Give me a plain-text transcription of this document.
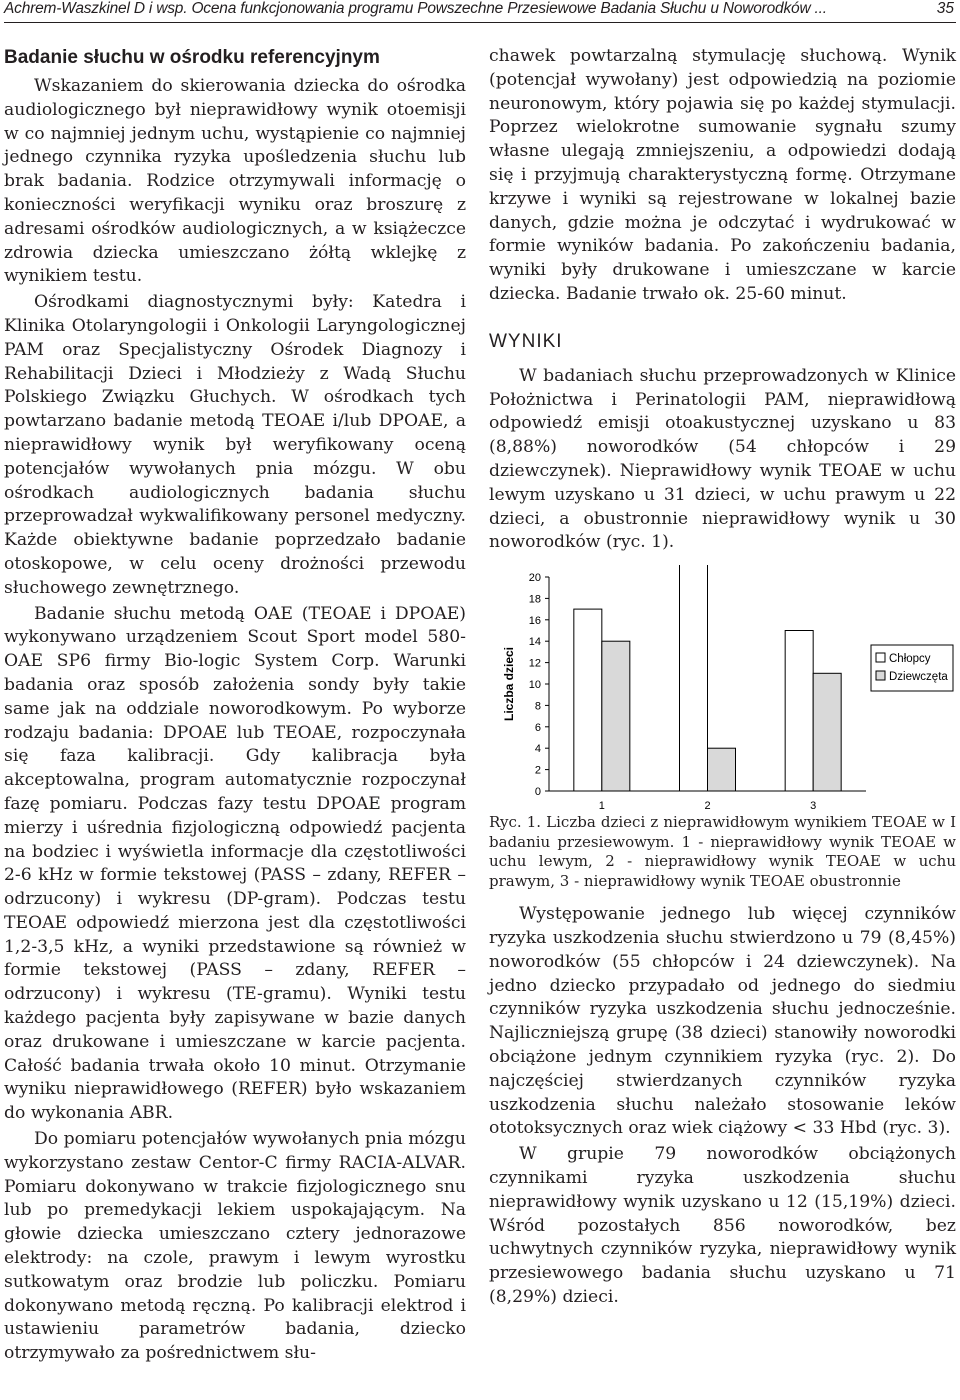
Achrem-Waszkinel D i wsp. Ocena funkcjonowania programu Powszechne Przesiewowe Badania Słuchu u Noworodków ...	35
Badanie słuchu w ośrodku referencyjnym

Wskazaniem do skierowania dziecka do ośrodka audiologicznego był nieprawidłowy wynik otoemisji w co najmniej jednym uchu, wystąpienie co najmniej jednego czynnika ryzyka upośledzenia słuchu lub brak badania. Rodzice otrzymywali informację o konieczności weryfikacji wyniku oraz broszurę z adresami ośrodków audiologicznych, a w książeczce zdrowia dziecka umieszczano żółtą wklejkę z wynikiem testu.

Ośrodkami diagnostycznymi były: Katedra i Klinika Otolaryngologii i Onkologii Laryngologicznej PAM oraz Specjalistyczny Ośrodek Diagnozy i Rehabilitacji Dzieci i Młodzieży z Wadą Słuchu Polskiego Związku Głuchych. W ośrodkach tych powtarzano badanie metodą TEOAE i/lub DPOAE, a nieprawidłowy wynik był weryfikowany oceną potencjałów wywołanych pnia mózgu. W obu ośrodkach audiologicznych badania słuchu przeprowadzał wykwalifikowany personel medyczny. Każde obiektywne badanie poprzedzało badanie otoskopowe, w celu oceny drożności przewodu słuchowego zewnętrznego.

Badanie słuchu metodą OAE (TEOAE i DPOAE) wykonywano urządzeniem Scout Sport model 580-OAE SP6 firmy Bio-logic System Corp. Warunki badania oraz sposób założenia sondy były takie same jak na oddziale noworodkowym. Po wyborze rodzaju badania: DPOAE lub TEOAE, rozpoczynała się faza kalibracji. Gdy kalibracja była akceptowalna, program automatycznie rozpoczynał fazę pomiaru. Podczas fazy testu DPOAE program mierzy i uśrednia fizjologiczną odpowiedź pacjenta na bodziec i wyświetla informacje dla częstotliwości 2-6 kHz w formie tekstowej (PASS – zdany, REFER – odrzucony) i wykresu (DP-gram). Podczas testu TEOAE odpowiedź mierzona jest dla częstotliwości 1,2-3,5 kHz, a wyniki przedstawione są również w formie tekstowej (PASS – zdany, REFER – odrzucony) i wykresu (TE-gramu). Wyniki testu każdego pacjenta były zapisywane w bazie danych oraz drukowane i umieszczane w karcie pacjenta. Całość badania trwała około 10 minut. Otrzymanie wyniku nieprawidłowego (REFER) było wskazaniem do wykonania ABR.

Do pomiaru potencjałów wywołanych pnia mózgu wykorzystano zestaw Centor-C firmy RACIA-ALVAR. Pomiaru dokonywano w trakcie fizjologicznego snu lub po premedykacji lekiem uspokajającym. Na głowie dziecka umieszczano cztery jednorazowe elektrody: na czole, prawym i lewym wyrostku sutkowatym oraz brodzie lub policzku. Pomiaru dokonywano metodą ręczną. Po kalibracji elektrod i ustawieniu parametrów badania, dziecko otrzymywało za pośrednictwem słu-

chawek powtarzalną stymulację słuchową. Wynik (potencjał wywołany) jest odpowiedzią na poziomie neuronowym, który pojawia się po każdej stymulacji. Poprzez wielokrotne sumowanie sygnału szumy własne ulegają zmniejszeniu, a odpowiedzi dodają się i przyjmują charakterystyczną formę. Otrzymane krzywe i wyniki są rejestrowane w lokalnej bazie danych, gdzie można je odczytać i wydrukować w formie wyników badania. Po zakończeniu badania, wyniki były drukowane i umieszczane w karcie dziecka. Badanie trwało ok. 25-60 minut.

WYNIKI

W badaniach słuchu przeprowadzonych w Klinice Położnictwa i Perinatologii PAM, nieprawidłową odpowiedź emisji otoakustycznej uzyskano u 83 (8,88%) noworodków (54 chłopców i 29 dziewczynek). Nieprawidłowy wynik TEOAE w uchu lewym uzyskano u 31 dzieci, w uchu prawym u 22 dzieci, a obustronnie nieprawidłowy wynik u 30 noworodków (ryc. 1).

0
2
4
6
8
10
12
14
16
18
20
Liczba dzieci
1	2	3
Chłopcy
Dziewczęta

Ryc. 1. Liczba dzieci z nieprawidłowym wynikiem TEOAE w I badaniu przesiewowym. 1 - nieprawidłowy wynik TEOAE w uchu lewym, 2 - nieprawidłowy wynik TEOAE w uchu prawym, 3 - nieprawidłowy wynik TEOAE obustronnie

Występowanie jednego lub więcej czynników ryzyka uszkodzenia słuchu stwierdzono u 79 (8,45%) noworodków (55 chłopców i 24 dziewczynek). Na jedno dziecko przypadało od jednego do siedmiu czynników ryzyka uszkodzenia słuchu jednocześnie. Najliczniejszą grupę (38 dzieci) stanowiły noworodki obciążone jednym czynnikiem ryzyka (ryc. 2). Do najczęściej stwierdzanych czynników ryzyka uszkodzenia słuchu należało stosowanie leków ototoksycznych oraz wiek ciążowy < 33 Hbd (ryc. 3).

W grupie 79 noworodków obciążonych czynnikami ryzyka uszkodzenia słuchu nieprawidłowy wynik uzyskano u 12 (15,19%) dzieci. Wśród pozostałych 856 noworodków, bez uchwytnych czynników ryzyka, nieprawidłowy wynik przesiewowego badania słuchu uzyskano u 71 (8,29%) dzieci.
